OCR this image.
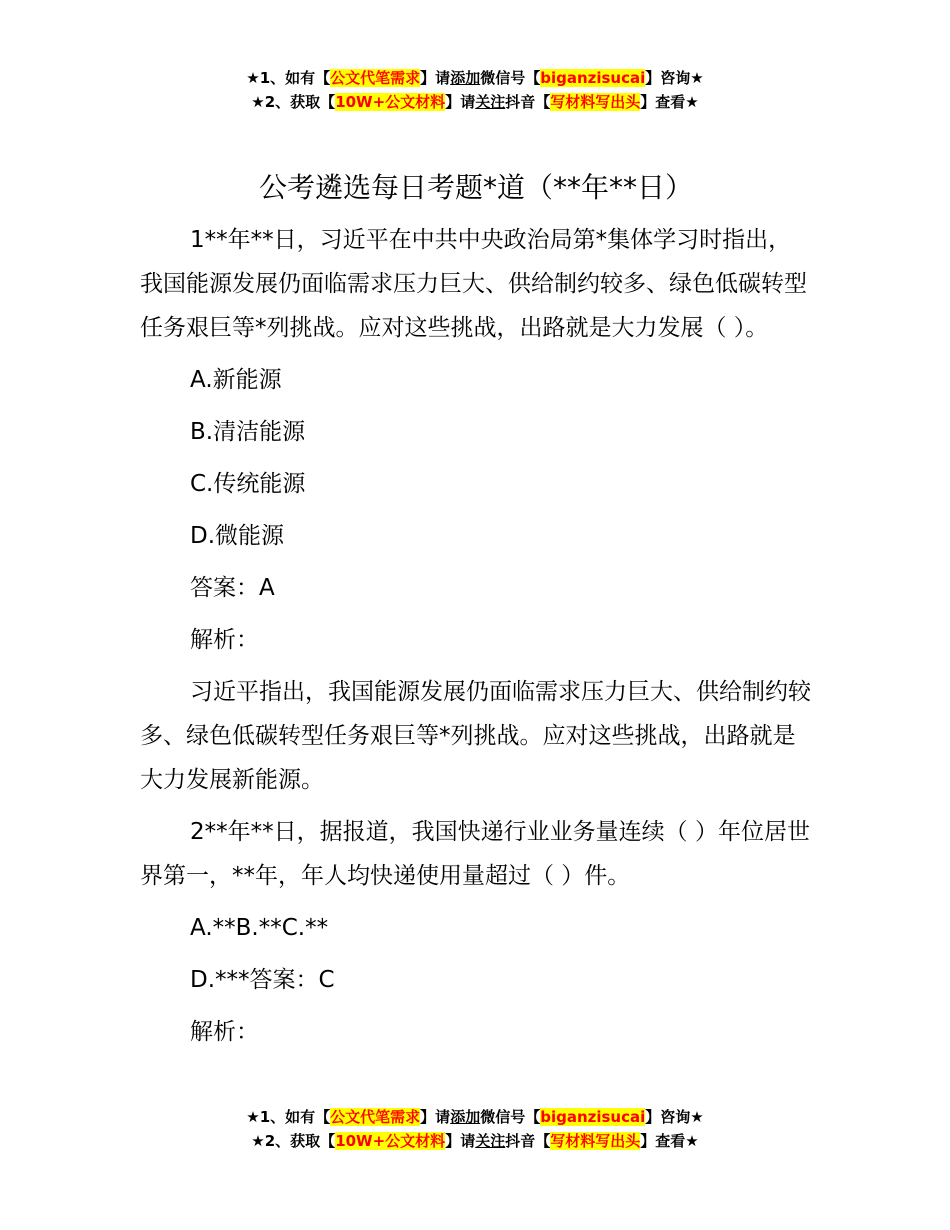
★1、如有【公文代笔需求】请添加微信号【biganzisucai】咨询★
★2、获取【10W+公文材料】请关注抖音【写材料写出头】查看★
公考遴选每日考题*道（**年**日）
1**年**日，习近平在中共中央政治局第*集体学习时指出，我国能源发展仍面临需求压力巨大、供给制约较多、绿色低碳转型任务艰巨等*列挑战。应对这些挑战，出路就是大力发展（ ）。
A.新能源
B.清洁能源
C.传统能源
D.微能源
答案：A
解析：
习近平指出，我国能源发展仍面临需求压力巨大、供给制约较多、绿色低碳转型任务艰巨等*列挑战。应对这些挑战，出路就是大力发展新能源。
2**年**日，据报道，我国快递行业业务量连续（ ）年位居世界第一，**年，年人均快递使用量超过（ ）件。
A.**B.**C.**
D.***答案：C
解析：
★1、如有【公文代笔需求】请添加微信号【biganzisucai】咨询★
★2、获取【10W+公文材料】请关注抖音【写材料写出头】查看★
